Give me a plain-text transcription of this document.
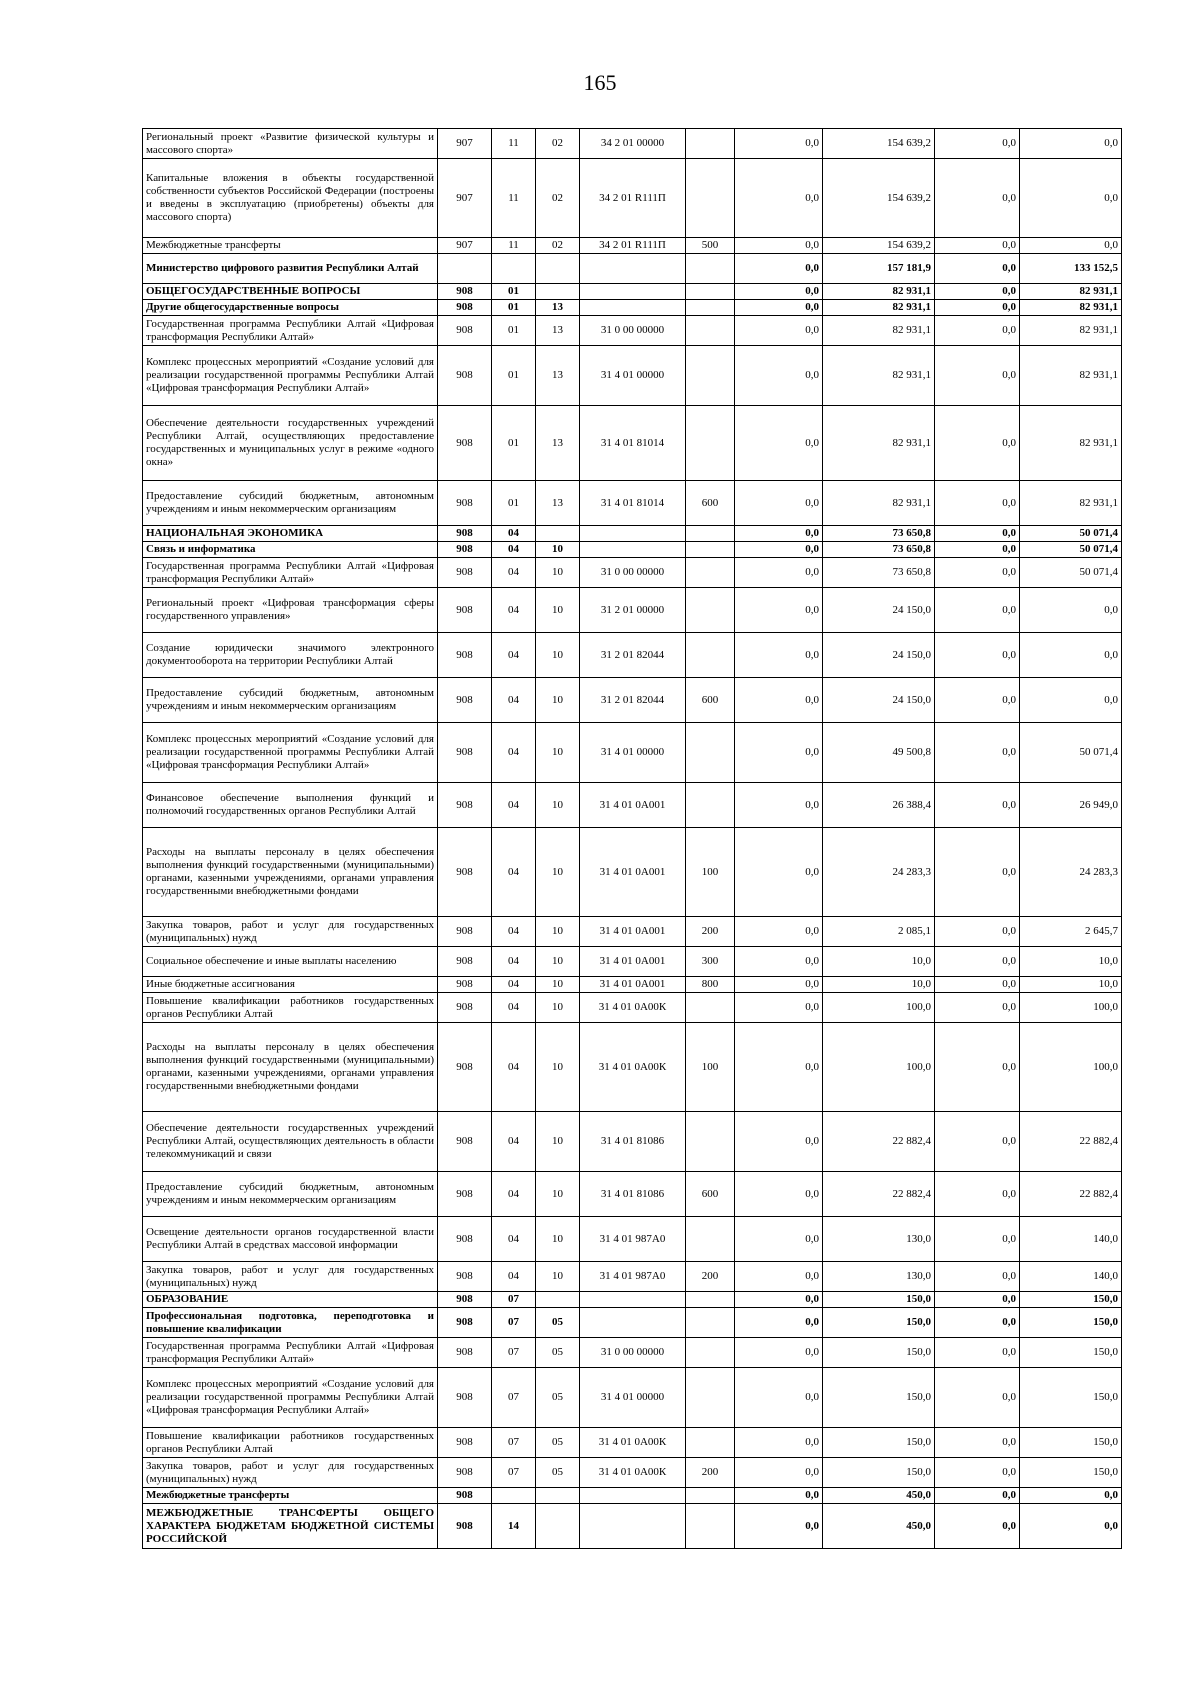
165
Региональный проект «Развитие физической культуры и массового спорта»	907	11	02	34 2 01 00000		0,0	154 639,2	0,0	0,0
Капитальные вложения в объекты государственной собственности субъектов Российской Федерации (построены и введены в эксплуатацию (приобретены) объекты для массового спорта)	907	11	02	34 2 01 R111П		0,0	154 639,2	0,0	0,0
Межбюджетные трансферты	907	11	02	34 2 01 R111П	500	0,0	154 639,2	0,0	0,0
Министерство цифрового развития Республики Алтай						0,0	157 181,9	0,0	133 152,5
ОБЩЕГОСУДАРСТВЕННЫЕ ВОПРОСЫ	908	01				0,0	82 931,1	0,0	82 931,1
Другие общегосударственные вопросы	908	01	13			0,0	82 931,1	0,0	82 931,1
Государственная программа Республики Алтай «Цифровая трансформация Республики Алтай»	908	01	13	31 0 00 00000		0,0	82 931,1	0,0	82 931,1
Комплекс процессных мероприятий «Создание условий для реализации государственной программы Республики Алтай «Цифровая трансформация Республики Алтай»	908	01	13	31 4 01 00000		0,0	82 931,1	0,0	82 931,1
Обеспечение деятельности государственных учреждений Республики Алтай, осуществляющих предоставление государственных и муниципальных услуг в режиме «одного окна»	908	01	13	31 4 01 81014		0,0	82 931,1	0,0	82 931,1
Предоставление субсидий бюджетным, автономным учреждениям и иным некоммерческим организациям	908	01	13	31 4 01 81014	600	0,0	82 931,1	0,0	82 931,1
НАЦИОНАЛЬНАЯ ЭКОНОМИКА	908	04				0,0	73 650,8	0,0	50 071,4
Связь и информатика	908	04	10			0,0	73 650,8	0,0	50 071,4
Государственная программа Республики Алтай «Цифровая трансформация Республики Алтай»	908	04	10	31 0 00 00000		0,0	73 650,8	0,0	50 071,4
Региональный проект «Цифровая трансформация сферы государственного управления»	908	04	10	31 2 01 00000		0,0	24 150,0	0,0	0,0
Создание юридически значимого электронного документооборота на территории Республики Алтай	908	04	10	31 2 01 82044		0,0	24 150,0	0,0	0,0
Предоставление субсидий бюджетным, автономным учреждениям и иным некоммерческим организациям	908	04	10	31 2 01 82044	600	0,0	24 150,0	0,0	0,0
Комплекс процессных мероприятий «Создание условий для реализации государственной программы Республики Алтай «Цифровая трансформация Республики Алтай»	908	04	10	31 4 01 00000		0,0	49 500,8	0,0	50 071,4
Финансовое обеспечение выполнения функций и полномочий государственных органов Республики Алтай	908	04	10	31 4 01 0А001		0,0	26 388,4	0,0	26 949,0
Расходы на выплаты персоналу в целях обеспечения выполнения функций государственными (муниципальными) органами, казенными учреждениями, органами управления государственными внебюджетными фондами	908	04	10	31 4 01 0А001	100	0,0	24 283,3	0,0	24 283,3
Закупка товаров, работ и услуг для государственных (муниципальных) нужд	908	04	10	31 4 01 0А001	200	0,0	2 085,1	0,0	2 645,7
Социальное обеспечение и иные выплаты населению	908	04	10	31 4 01 0А001	300	0,0	10,0	0,0	10,0
Иные бюджетные ассигнования	908	04	10	31 4 01 0А001	800	0,0	10,0	0,0	10,0
Повышение квалификации работников государственных органов Республики Алтай	908	04	10	31 4 01 0А00К		0,0	100,0	0,0	100,0
Расходы на выплаты персоналу в целях обеспечения выполнения функций государственными (муниципальными) органами, казенными учреждениями, органами управления государственными внебюджетными фондами	908	04	10	31 4 01 0А00К	100	0,0	100,0	0,0	100,0
Обеспечение деятельности государственных учреждений Республики Алтай, осуществляющих деятельность в области телекоммуникаций и связи	908	04	10	31 4 01 81086		0,0	22 882,4	0,0	22 882,4
Предоставление субсидий бюджетным, автономным учреждениям и иным некоммерческим организациям	908	04	10	31 4 01 81086	600	0,0	22 882,4	0,0	22 882,4
Освещение деятельности органов государственной власти Республики Алтай в средствах массовой информации	908	04	10	31 4 01 987А0		0,0	130,0	0,0	140,0
Закупка товаров, работ и услуг для государственных (муниципальных) нужд	908	04	10	31 4 01 987А0	200	0,0	130,0	0,0	140,0
ОБРАЗОВАНИЕ	908	07				0,0	150,0	0,0	150,0
Профессиональная подготовка, переподготовка и повышение квалификации	908	07	05			0,0	150,0	0,0	150,0
Государственная программа Республики Алтай «Цифровая трансформация Республики Алтай»	908	07	05	31 0 00 00000		0,0	150,0	0,0	150,0
Комплекс процессных мероприятий «Создание условий для реализации государственной программы Республики Алтай «Цифровая трансформация Республики Алтай»	908	07	05	31 4 01 00000		0,0	150,0	0,0	150,0
Повышение квалификации работников государственных органов Республики Алтай	908	07	05	31 4 01 0А00К		0,0	150,0	0,0	150,0
Закупка товаров, работ и услуг для государственных (муниципальных) нужд	908	07	05	31 4 01 0А00К	200	0,0	150,0	0,0	150,0
Межбюджетные трансферты	908					0,0	450,0	0,0	0,0
МЕЖБЮДЖЕТНЫЕ ТРАНСФЕРТЫ ОБЩЕГО ХАРАКТЕРА БЮДЖЕТАМ БЮДЖЕТНОЙ СИСТЕМЫ РОССИЙСКОЙ	908	14				0,0	450,0	0,0	0,0
